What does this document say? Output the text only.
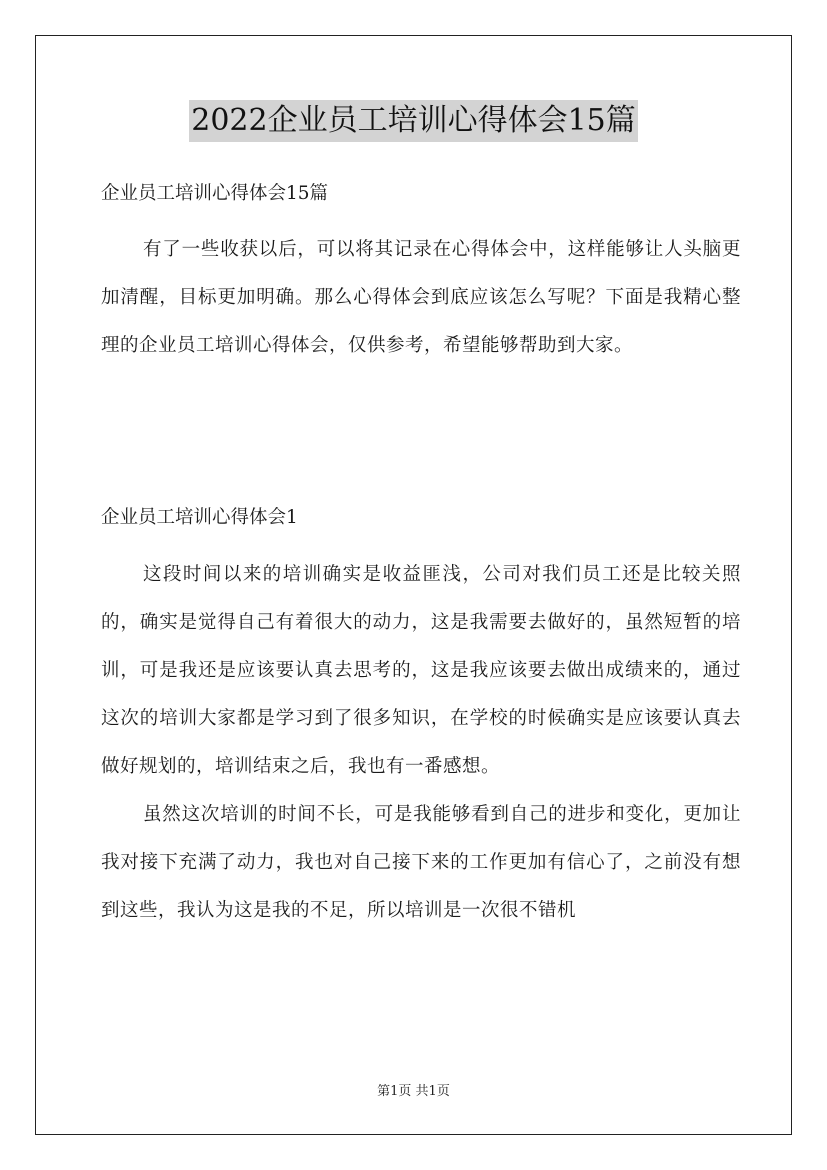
2022企业员工培训心得体会15篇
企业员工培训心得体会15篇

有了一些收获以后，可以将其记录在心得体会中，这样能够让人头脑更加清醒，目标更加明确。那么心得体会到底应该怎么写呢？下面是我精心整理的企业员工培训心得体会，仅供参考，希望能够帮助到大家。

企业员工培训心得体会1

这段时间以来的培训确实是收益匪浅，公司对我们员工还是比较关照的，确实是觉得自己有着很大的动力，这是我需要去做好的，虽然短暂的培训，可是我还是应该要认真去思考的，这是我应该要去做出成绩来的，通过这次的培训大家都是学习到了很多知识，在学校的时候确实是应该要认真去做好规划的，培训结束之后，我也有一番感想。

虽然这次培训的时间不长，可是我能够看到自己的进步和变化，更加让我对接下充满了动力，我也对自己接下来的工作更加有信心了，之前没有想到这些，我认为这是我的不足，所以培训是一次很不错机

第1页 共1页
